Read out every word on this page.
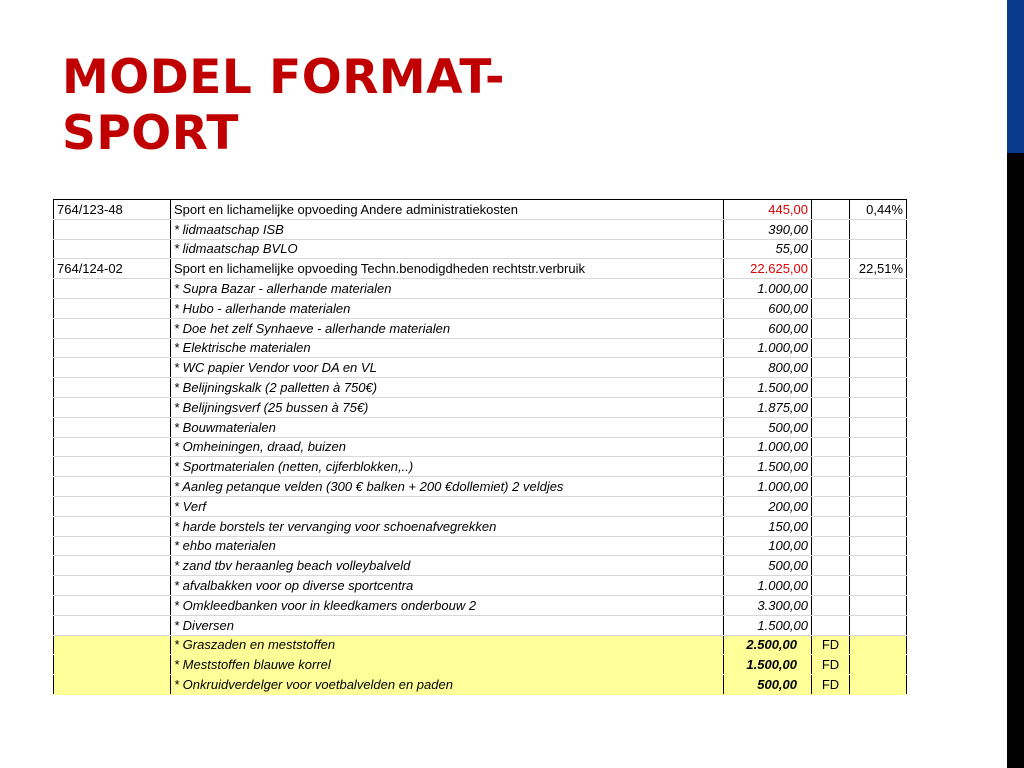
MODEL FORMAT-
SPORT
764/123-48	Sport en lichamelijke opvoeding Andere administratiekosten	445,00		0,44%
	* lidmaatschap ISB	390,00		
	* lidmaatschap BVLO	55,00		
764/124-02	Sport en lichamelijke opvoeding Techn.benodigdheden rechtstr.verbruik	22.625,00		22,51%
	* Supra Bazar - allerhande materialen	1.000,00		
	* Hubo - allerhande materialen	600,00		
	* Doe het zelf Synhaeve - allerhande materialen	600,00		
	* Elektrische materialen	1.000,00		
	* WC papier Vendor voor DA en VL	800,00		
	* Belijningskalk (2 palletten à 750€)	1.500,00		
	* Belijningsverf (25 bussen à 75€)	1.875,00		
	* Bouwmaterialen	500,00		
	* Omheiningen, draad, buizen	1.000,00		
	* Sportmaterialen (netten, cijferblokken,..)	1.500,00		
	* Aanleg petanque velden (300 € balken + 200 €dollemiet) 2 veldjes	1.000,00		
	* Verf	200,00		
	* harde borstels ter vervanging voor schoenafvegrekken	150,00		
	* ehbo materialen	100,00		
	* zand tbv heraanleg beach volleybalveld	500,00		
	* afvalbakken voor op diverse sportcentra	1.000,00		
	* Omkleedbanken voor in kleedkamers onderbouw 2	3.300,00		
	* Diversen	1.500,00		
	* Graszaden en meststoffen	2.500,00	FD	
	* Meststoffen blauwe korrel	1.500,00	FD	
	* Onkruidverdelger voor voetbalvelden en paden	500,00	FD	
